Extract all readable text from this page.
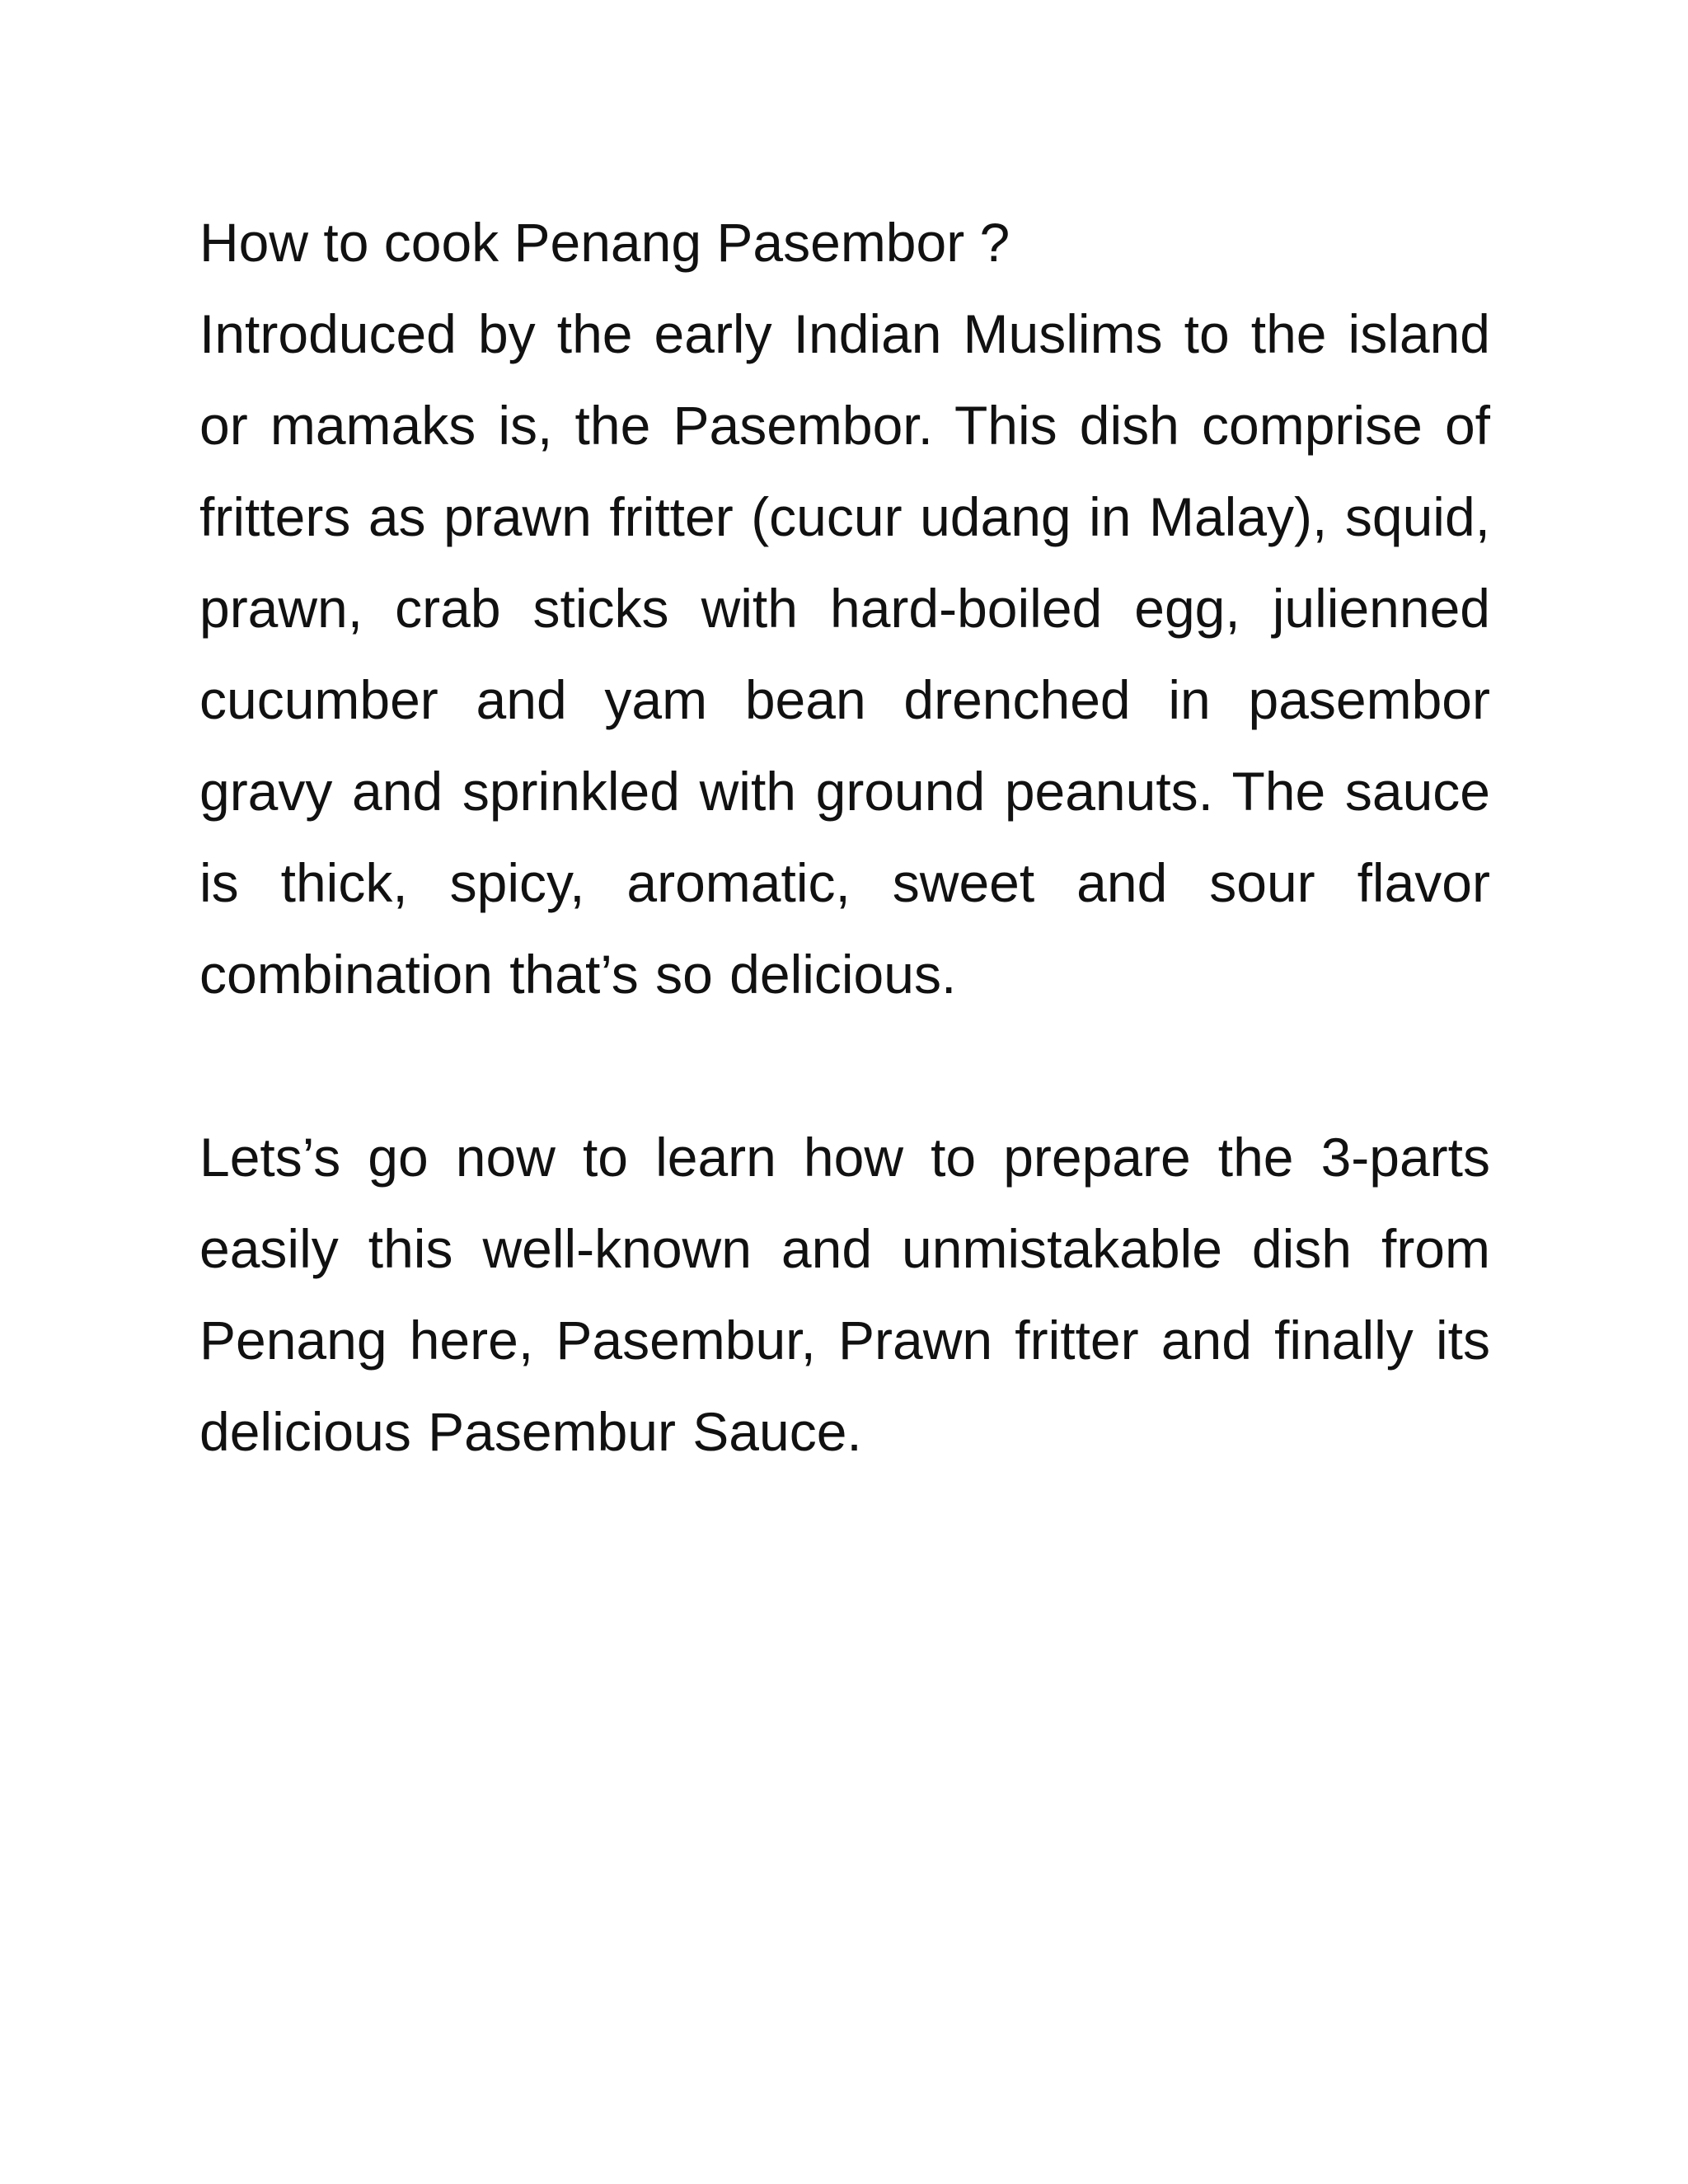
How to cook Penang Pasembor ?

Introduced by the early Indian Muslims to the island or mamaks is, the Pasembor. This dish comprise of fritters as prawn fritter (cucur udang in Malay), squid, prawn, crab sticks with hard-boiled egg, julienned cucumber and yam bean drenched in pasembor gravy and sprinkled with ground peanuts. The sauce is thick, spicy, aromatic, sweet and sour flavor combination that’s so delicious.

Lets’s go now to learn how to prepare the 3-parts easily this well-known and unmistakable dish from Penang here, Pasembur, Prawn fritter and finally its delicious Pasembur Sauce.
